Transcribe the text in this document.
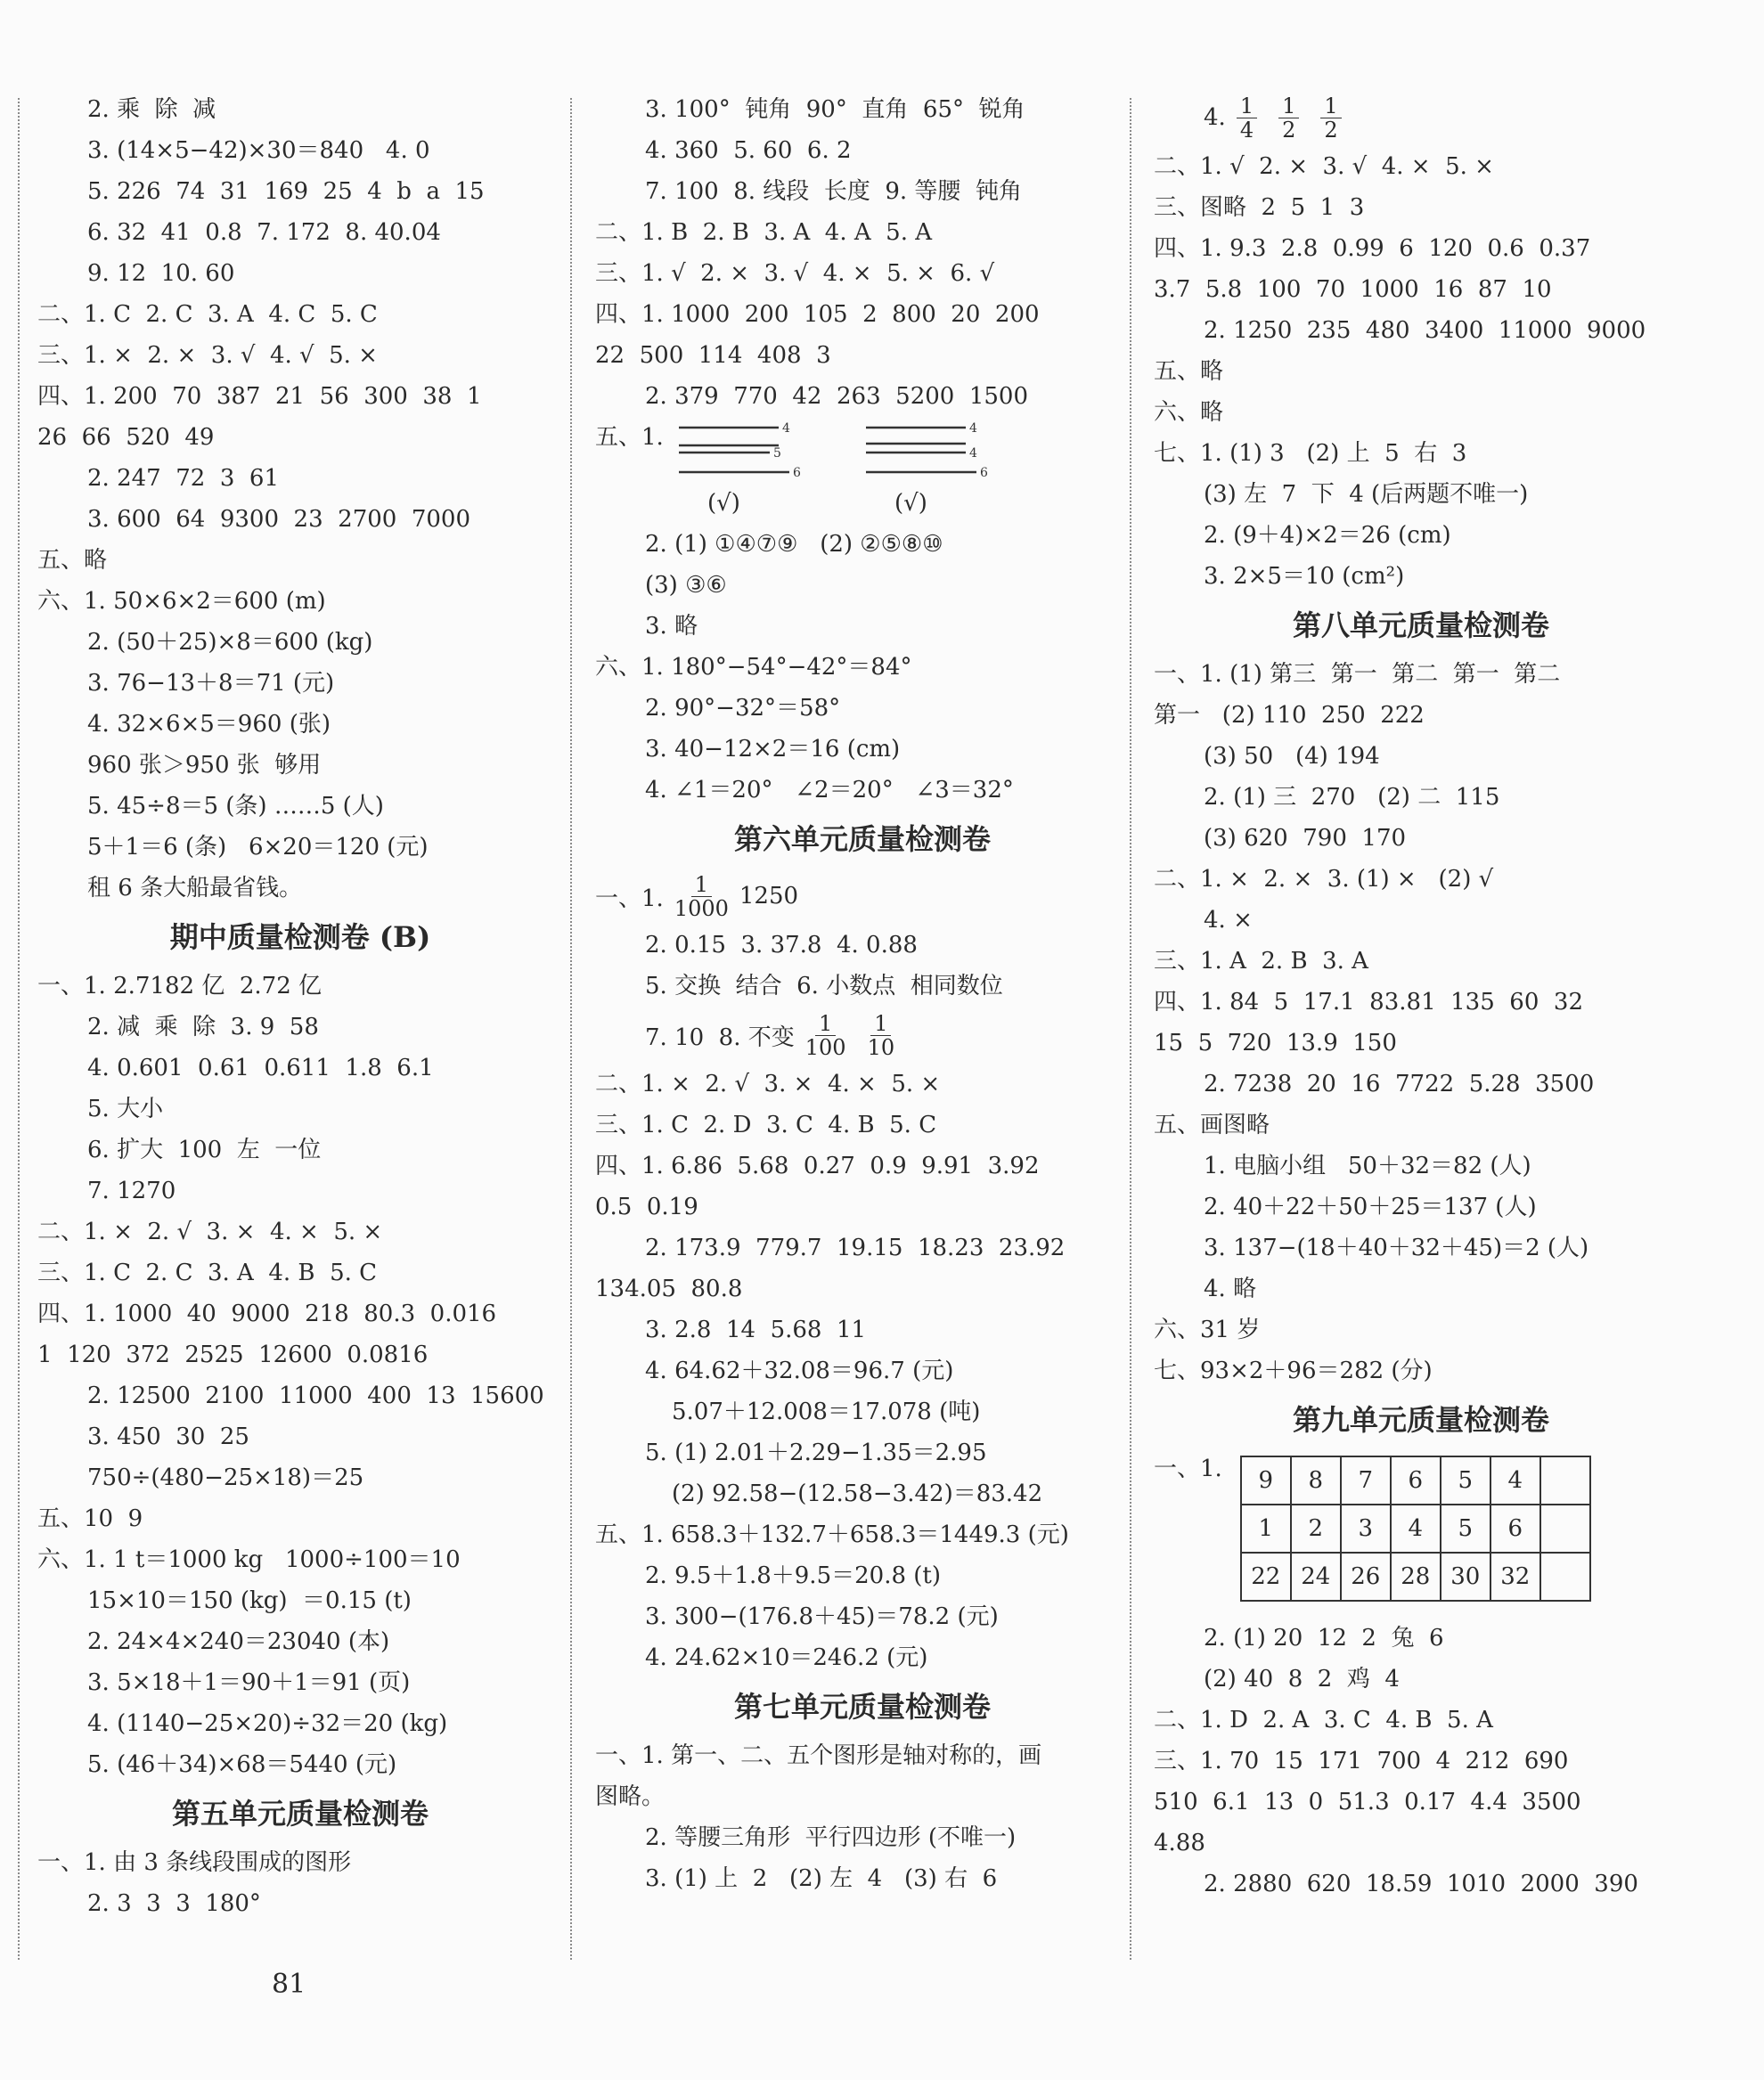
2. 乘  除  减
3. (14×5−42)×30＝840   4. 0
5. 226  74  31  169  25  4  b  a  15
6. 32  41  0.8  7. 172  8. 40.04
9. 12  10. 60
二、1. C  2. C  3. A  4. C  5. C
三、1. ×  2. ×  3. √  4. √  5. ×
四、1. 200  70  387  21  56  300  38  1
26  66  520  49
2. 247  72  3  61
3. 600  64  9300  23  2700  7000
五、略
六、1. 50×6×2＝600 (m)
2. (50＋25)×8＝600 (kg)
3. 76−13＋8＝71 (元)
4. 32×6×5＝960 (张)
960 张＞950 张  够用
5. 45÷8＝5 (条) ……5 (人)
5＋1＝6 (条)   6×20＝120 (元)
租 6 条大船最省钱。
期中质量检测卷 (B)
一、1. 2.7182 亿  2.72 亿
2. 减  乘  除  3. 9  58
4. 0.601  0.61  0.611  1.8  6.1
5. 大小
6. 扩大  100  左  一位
7. 1270
二、1. ×  2. √  3. ×  4. ×  5. ×
三、1. C  2. C  3. A  4. B  5. C
四、1. 1000  40  9000  218  80.3  0.016
1  120  372  2525  12600  0.0816
2. 12500  2100  11000  400  13  15600
3. 450  30  25
750÷(480−25×18)＝25
五、10  9
六、1. 1 t＝1000 kg   1000÷100＝10
15×10＝150 (kg)  ＝0.15 (t)
2. 24×4×240＝23040 (本)
3. 5×18＋1＝90＋1＝91 (页)
4. (1140−25×20)÷32＝20 (kg)
5. (46＋34)×68＝5440 (元)
第五单元质量检测卷
一、1. 由 3 条线段围成的图形
2. 3  3  3  180°
3. 100°  钝角  90°  直角  65°  锐角
4. 360  5. 60  6. 2
7. 100  8. 线段  长度  9. 等腰  钝角
二、1. B  2. B  3. A  4. A  5. A
三、1. √  2. ×  3. √  4. ×  5. ×  6. √
四、1. 1000  200  105  2  800  20  200
22  500  114  408  3
2. 379  770  42  263  5200  1500
五、1.	4
5
6
(√)
4
4
6
(√)
2. (1) ①④⑦⑨   (2) ②⑤⑧⑩
(3) ③⑥
3. 略
六、1. 180°−54°−42°＝84°
2. 90°−32°＝58°
3. 40−12×2＝16 (cm)
4. ∠1＝20°   ∠2＝20°   ∠3＝32°
第六单元质量检测卷
一、1. $\frac{1}{1000} 1250$
2. 0.15  3. 37.8  4. 0.88
5. 交换  结合  6. 小数点  相同数位
7. 10  8. 不变 $\frac{1}{100} \frac{1}{10}$
二、1. ×  2. √  3. ×  4. ×  5. ×
三、1. C  2. D  3. C  4. B  5. C
四、1. 6.86  5.68  0.27  0.9  9.91  3.92
0.5  0.19
2. 173.9  779.7  19.15  18.23  23.92
134.05  80.8
3. 2.8  14  5.68  11
4. 64.62＋32.08＝96.7 (元)
5.07＋12.008＝17.078 (吨)
5. (1) 2.01＋2.29−1.35＝2.95
(2) 92.58−(12.58−3.42)＝83.42
五、1. 658.3＋132.7＋658.3＝1449.3 (元)
2. 9.5＋1.8＋9.5＝20.8 (t)
3. 300−(176.8＋45)＝78.2 (元)
4. 24.62×10＝246.2 (元)
第七单元质量检测卷
一、1. 第一、二、五个图形是轴对称的，画
图略。
2. 等腰三角形  平行四边形 (不唯一)
3. (1) 上  2   (2) 左  4   (3) 右  6
4. $\frac{1}{4} \frac{1}{2} \frac{1}{2}$
二、1. √  2. ×  3. √  4. ×  5. ×
三、图略  2  5  1  3
四、1. 9.3  2.8  0.99  6  120  0.6  0.37
3.7  5.8  100  70  1000  16  87  10
2. 1250  235  480  3400  11000  9000
五、略
六、略
七、1. (1) 3   (2) 上  5  右  3
(3) 左  7  下  4 (后两题不唯一)
2. (9＋4)×2＝26 (cm)
3. 2×5＝10 (cm²)
第八单元质量检测卷
一、1. (1) 第三  第一  第二  第一  第二
第一   (2) 110  250  222
(3) 50   (4) 194
2. (1) 三  270   (2) 二  115
(3) 620  790  170
二、1. ×  2. ×  3. (1) ×   (2) √
4. ×
三、1. A  2. B  3. A
四、1. 84  5  17.1  83.81  135  60  32
15  5  720  13.9  150
2. 7238  20  16  7722  5.28  3500
五、画图略
1. 电脑小组   50＋32＝82 (人)
2. 40＋22＋50＋25＝137 (人)
3. 137−(18＋40＋32＋45)＝2 (人)
4. 略
六、31 岁
七、93×2＋96＝282 (分)
第九单元质量检测卷
一、1. 9	8	7	6	5	4	
1	2	3	4	5	6	
22	24	26	28	30	32	
2. (1) 20  12  2  兔  6
(2) 40  8  2  鸡  4
二、1. D  2. A  3. C  4. B  5. A
三、1. 70  15  171  700  4  212  690
510  6.1  13  0  51.3  0.17  4.4  3500
4.88
2. 2880  620  18.59  1010  2000  390
81
